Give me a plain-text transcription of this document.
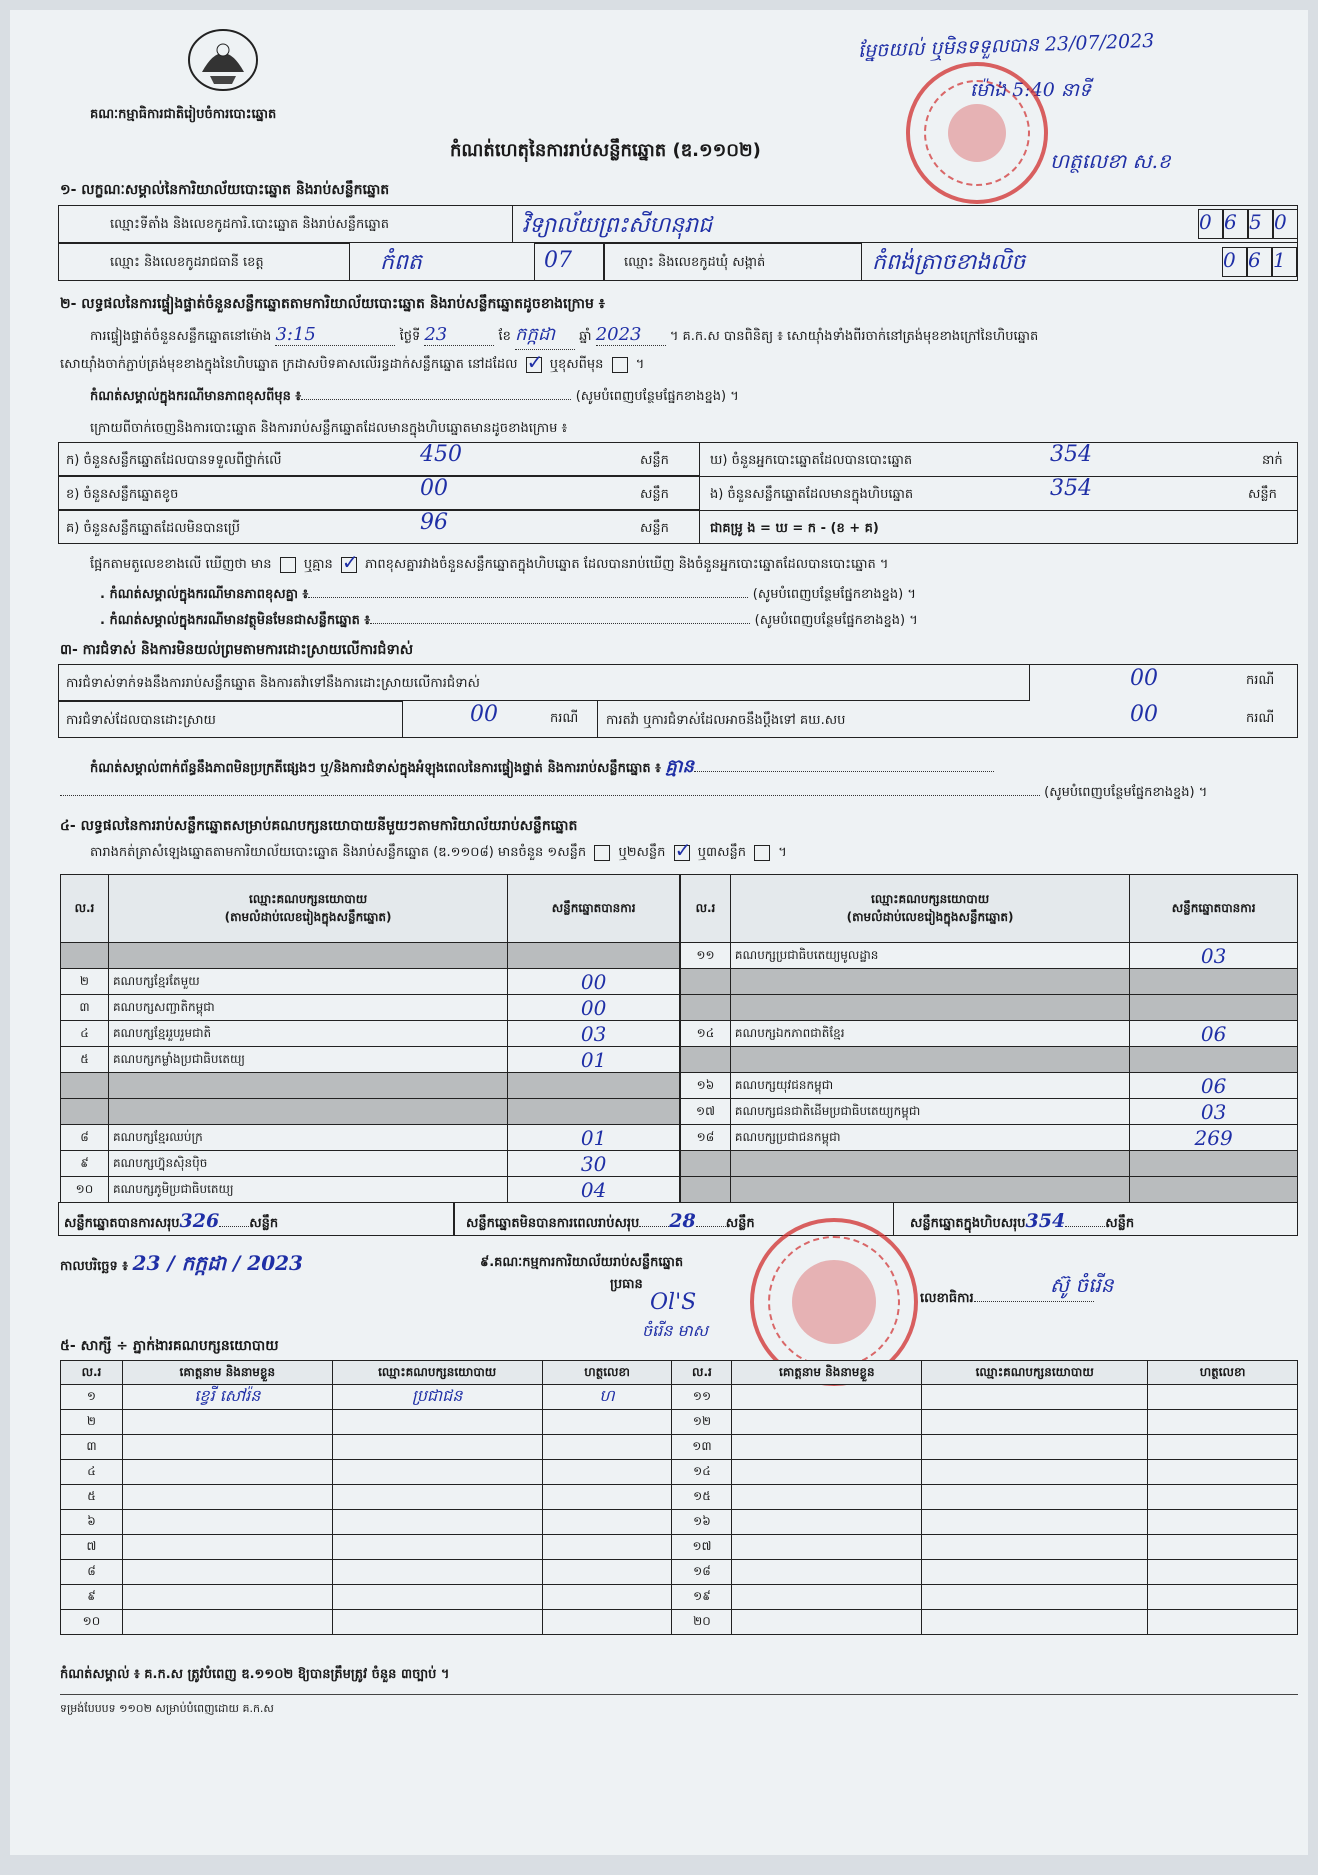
គណៈកម្មាធិការជាតិរៀបចំការបោះឆ្នោត
កំណត់ហេតុនៃការរាប់សន្លឹកឆ្នោត (ឌ.១១០២)
ម្នែចយល់ ឬមិនទទួលបាន 23/07/2023
ម៉ោង 5:40 នាទី
ហត្ថលេខា ស.ខ
១- លក្ខណៈសម្គាល់នៃការិយាល័យបោះឆ្នោត និងរាប់សន្លឹកឆ្នោត
ឈ្មោះទីតាំង និងលេខកូដការិ.បោះឆ្នោត និងរាប់សន្លឹកឆ្នោត	វិទ្យាល័យព្រះសីហនុរាជ	0 6 5 0
ឈ្មោះ និងលេខកូដរាជធានី ខេត្ត	កំពត	07	ឈ្មោះ និងលេខកូដឃុំ សង្កាត់	កំពង់ត្រាចខាងលិច	0 6 1
២- លទ្ធផលនៃការផ្ទៀងផ្ទាត់ចំនួនសន្លឹកឆ្នោតតាមការិយាល័យបោះឆ្នោត និងរាប់សន្លឹកឆ្នោតដូចខាងក្រោម ៖
ការផ្ទៀងផ្ទាត់ចំនួនសន្លឹកឆ្នោតនៅម៉ោង 3:15	ថ្ងៃទី 23	ខែ កក្កដា ឆ្នាំ 2023 ។ គ.ក.ស បានពិនិត្យ ៖ សោយ៉ាំងទាំងពីរចាក់នៅត្រង់មុខខាងក្រៅនៃហិបឆ្នោត
សោយ៉ាំងចាក់ភ្ជាប់ត្រង់មុខខាងក្នុងនៃហិបឆ្នោត ក្រដាសបិទគាសលើរន្ធដាក់សន្លឹកឆ្នោត នៅដដែល ✓ ឬខុសពីមុន ។
កំណត់សម្គាល់ក្នុងករណីមានភាពខុសពីមុន ៖	(សូមបំពេញបន្ថែមផ្នែកខាងខ្នង) ។
ក្រោយពីចាក់ចេញនិងការបោះឆ្នោត និងការរាប់សន្លឹកឆ្នោតដែលមានក្នុងហិបឆ្នោតមានដូចខាងក្រោម ៖
ក) ចំនួនសន្លឹកឆ្នោតដែលបានទទួលពីថ្នាក់លើ	450	សន្លឹក
ខ) ចំនួនសន្លឹកឆ្នោតខូច	00	សន្លឹក
គ) ចំនួនសន្លឹកឆ្នោតដែលមិនបានប្រើ	96	សន្លឹក
ឃ) ចំនួនអ្នកបោះឆ្នោតដែលបានបោះឆ្នោត	354	នាក់
ង) ចំនួនសន្លឹកឆ្នោតដែលមានក្នុងហិបឆ្នោត	354	សន្លឹក
ជាគម្រូ ង = ឃ = ក - (ខ + គ)
ផ្អែកតាមតួលេខខាងលើ ឃើញថា មាន ឬគ្មាន ✓ ភាពខុសគ្នារវាងចំនួនសន្លឹកឆ្នោតក្នុងហិបឆ្នោត ដែលបានរាប់ឃើញ និងចំនួនអ្នកបោះឆ្នោតដែលបានបោះឆ្នោត ។
. កំណត់សម្គាល់ក្នុងករណីមានភាពខុសគ្នា ៖	(សូមបំពេញបន្ថែមផ្នែកខាងខ្នង) ។
. កំណត់សម្គាល់ក្នុងករណីមានវត្ថុមិនមែនជាសន្លឹកឆ្នោត ៖	(សូមបំពេញបន្ថែមផ្នែកខាងខ្នង) ។
៣- ការជំទាស់ និងការមិនយល់ព្រមតាមការដោះស្រាយលើការជំទាស់
ការជំទាស់ទាក់ទងនឹងការរាប់សន្លឹកឆ្នោត និងការតវ៉ាទៅនឹងការដោះស្រាយលើការជំទាស់	00	ករណី
ការជំទាស់ដែលបានដោះស្រាយ	00	ករណី ការតវ៉ា ឬការជំទាស់ដែលអាចនឹងប្ដឹងទៅ គឃ.សប	00	ករណី
កំណត់សម្គាល់ពាក់ព័ន្ធនឹងភាពមិនប្រក្រតីផ្សេងៗ ឬ/និងការជំទាស់ក្នុងអំឡុងពេលនៃការផ្ទៀងផ្ទាត់ និងការរាប់សន្លឹកឆ្នោត ៖ គ្មាន
(សូមបំពេញបន្ថែមផ្នែកខាងខ្នង) ។
៤- លទ្ធផលនៃការរាប់សន្លឹកឆ្នោតសម្រាប់គណបក្សនយោបាយនីមួយៗតាមការិយាល័យរាប់សន្លឹកឆ្នោត
តារាងកត់ត្រាសំឡេងឆ្នោតតាមការិយាល័យបោះឆ្នោត និងរាប់សន្លឹកឆ្នោត (ឌ.១១០៨) មានចំនួន ១សន្លឹក ឬ២សន្លឹក ✓ ឬ៣សន្លឹក ។
ល.រ	ឈ្មោះគណបក្សនយោបាយ
(តាមលំដាប់លេខរៀងក្នុងសន្លឹកឆ្នោត)	សន្លឹកឆ្នោតបានការ

២	គណបក្សខ្មែរតែមួយ	00
៣	គណបក្សសញ្ជាតិកម្ពុជា	00
៤	គណបក្សខ្មែររួបរួមជាតិ	03
៥	គណបក្សកម្លាំងប្រជាធិបតេយ្យ	01

៨	គណបក្សខ្មែរឈប់ក្រ	01
៩	គណបក្សហ្វ៊ុនស៊ិនប៉ិច	30
១០	គណបក្សភូមិប្រជាធិបតេយ្យ	04
ល.រ	ឈ្មោះគណបក្សនយោបាយ
(តាមលំដាប់លេខរៀងក្នុងសន្លឹកឆ្នោត)	សន្លឹកឆ្នោតបានការ
១១	គណបក្សប្រជាធិបតេយ្យមូលដ្ឋាន	03

១៤	គណបក្សឯកភាពជាតិខ្មែរ	06

១៦	គណបក្សយុវជនកម្ពុជា	06
១៧	គណបក្សជនជាតិដើមប្រជាធិបតេយ្យកម្ពុជា	03
១៨	គណបក្សប្រជាជនកម្ពុជា	269

សន្លឹកឆ្នោតបានការសរុប326 សន្លឹក	សន្លឹកឆ្នោតមិនបានការពេលរាប់សរុប 28 សន្លឹក	សន្លឹកឆ្នោតក្នុងហិបសរុប354	សន្លឹក
កាលបរិច្ឆេទ ៖ 23 / កក្កដា / 2023	៩.គណៈកម្មការការិយាល័យរាប់សន្លឹកឆ្នោត
ប្រធាន
Ol'S
ចំរើន មាស
លេខាធិការ
ស៊ូ ចំរើន
៥- សាក្សី ÷ ភ្នាក់ងារគណបក្សនយោបាយ
ល.រ	គោត្តនាម និងនាមខ្លួន	ឈ្មោះគណបក្សនយោបាយ	ហត្ថលេខា	ល.រ	គោត្តនាម និងនាមខ្លួន	ឈ្មោះគណបក្សនយោបាយ	ហត្ថលេខា
១	ខ្វេរី សៅរ៉ន	ប្រជាជន	ហ	១១			
២				១២			
៣				១៣			
៤				១៤			
៥				១៥			
៦				១៦			
៧				១៧			
៨				១៨			
៩				១៩			
១០				២០			
កំណត់សម្គាល់ ៖ គ.ក.ស ត្រូវបំពេញ ឌ.១១០២ ឱ្យបានត្រឹមត្រូវ ចំនួន ៣ច្បាប់ ។
ទម្រង់បែបបទ ១១០២ សម្រាប់បំពេញដោយ គ.ក.ស
